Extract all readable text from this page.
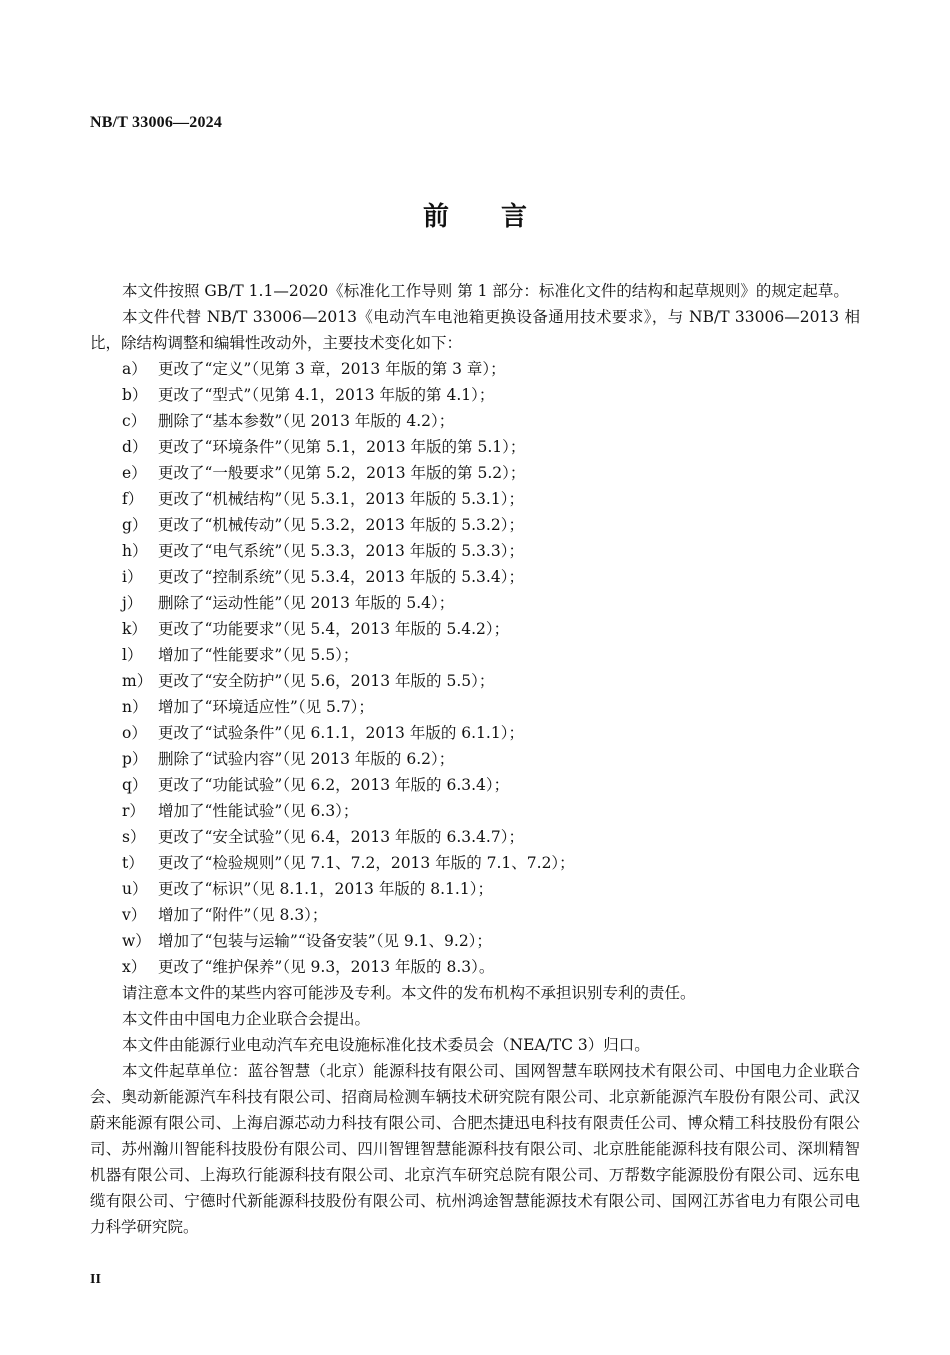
NB/T 33006—2024
前 言

本文件按照 GB/T 1.1—2020《标准化工作导则 第 1 部分：标准化文件的结构和起草规则》的规定起草。

本文件代替 NB/T 33006—2013《电动汽车电池箱更换设备通用技术要求》，与 NB/T 33006—2013 相比，除结构调整和编辑性改动外，主要技术变化如下：

a） 更改了“定义”（见第 3 章，2013 年版的第 3 章）；
b） 更改了“型式”（见第 4.1，2013 年版的第 4.1）；
c） 删除了“基本参数”（见 2013 年版的 4.2）；
d） 更改了“环境条件”（见第 5.1，2013 年版的第 5.1）；
e） 更改了“一般要求”（见第 5.2，2013 年版的第 5.2）；
f） 更改了“机械结构”（见 5.3.1，2013 年版的 5.3.1）；
g） 更改了“机械传动”（见 5.3.2，2013 年版的 5.3.2）；
h） 更改了“电气系统”（见 5.3.3，2013 年版的 5.3.3）；
i） 更改了“控制系统”（见 5.3.4，2013 年版的 5.3.4）；
j） 删除了“运动性能”（见 2013 年版的 5.4）；
k） 更改了“功能要求”（见 5.4，2013 年版的 5.4.2）；
l） 增加了“性能要求”（见 5.5）；
m） 更改了“安全防护”（见 5.6，2013 年版的 5.5）；
n） 增加了“环境适应性”（见 5.7）；
o） 更改了“试验条件”（见 6.1.1，2013 年版的 6.1.1）；
p） 删除了“试验内容”（见 2013 年版的 6.2）；
q） 更改了“功能试验”（见 6.2，2013 年版的 6.3.4）；
r） 增加了“性能试验”（见 6.3）；
s） 更改了“安全试验”（见 6.4，2013 年版的 6.3.4.7）；
t） 更改了“检验规则”（见 7.1、7.2，2013 年版的 7.1、7.2）；
u） 更改了“标识”（见 8.1.1，2013 年版的 8.1.1）；
v） 增加了“附件”（见 8.3）；
w） 增加了“包装与运输”“设备安装”（见 9.1、9.2）；
x） 更改了“维护保养”（见 9.3，2013 年版的 8.3）。

请注意本文件的某些内容可能涉及专利。本文件的发布机构不承担识别专利的责任。

本文件由中国电力企业联合会提出。

本文件由能源行业电动汽车充电设施标准化技术委员会（NEA/TC 3）归口。

本文件起草单位：蓝谷智慧（北京）能源科技有限公司、国网智慧车联网技术有限公司、中国电力企业联合会、奥动新能源汽车科技有限公司、招商局检测车辆技术研究院有限公司、北京新能源汽车股份有限公司、武汉蔚来能源有限公司、上海启源芯动力科技有限公司、合肥杰捷迅电科技有限责任公司、博众精工科技股份有限公司、苏州瀚川智能科技股份有限公司、四川智锂智慧能源科技有限公司、北京胜能能源科技有限公司、深圳精智机器有限公司、上海玖行能源科技有限公司、北京汽车研究总院有限公司、万帮数字能源股份有限公司、远东电缆有限公司、宁德时代新能源科技股份有限公司、杭州鸿途智慧能源技术有限公司、国网江苏省电力有限公司电力科学研究院。

II
